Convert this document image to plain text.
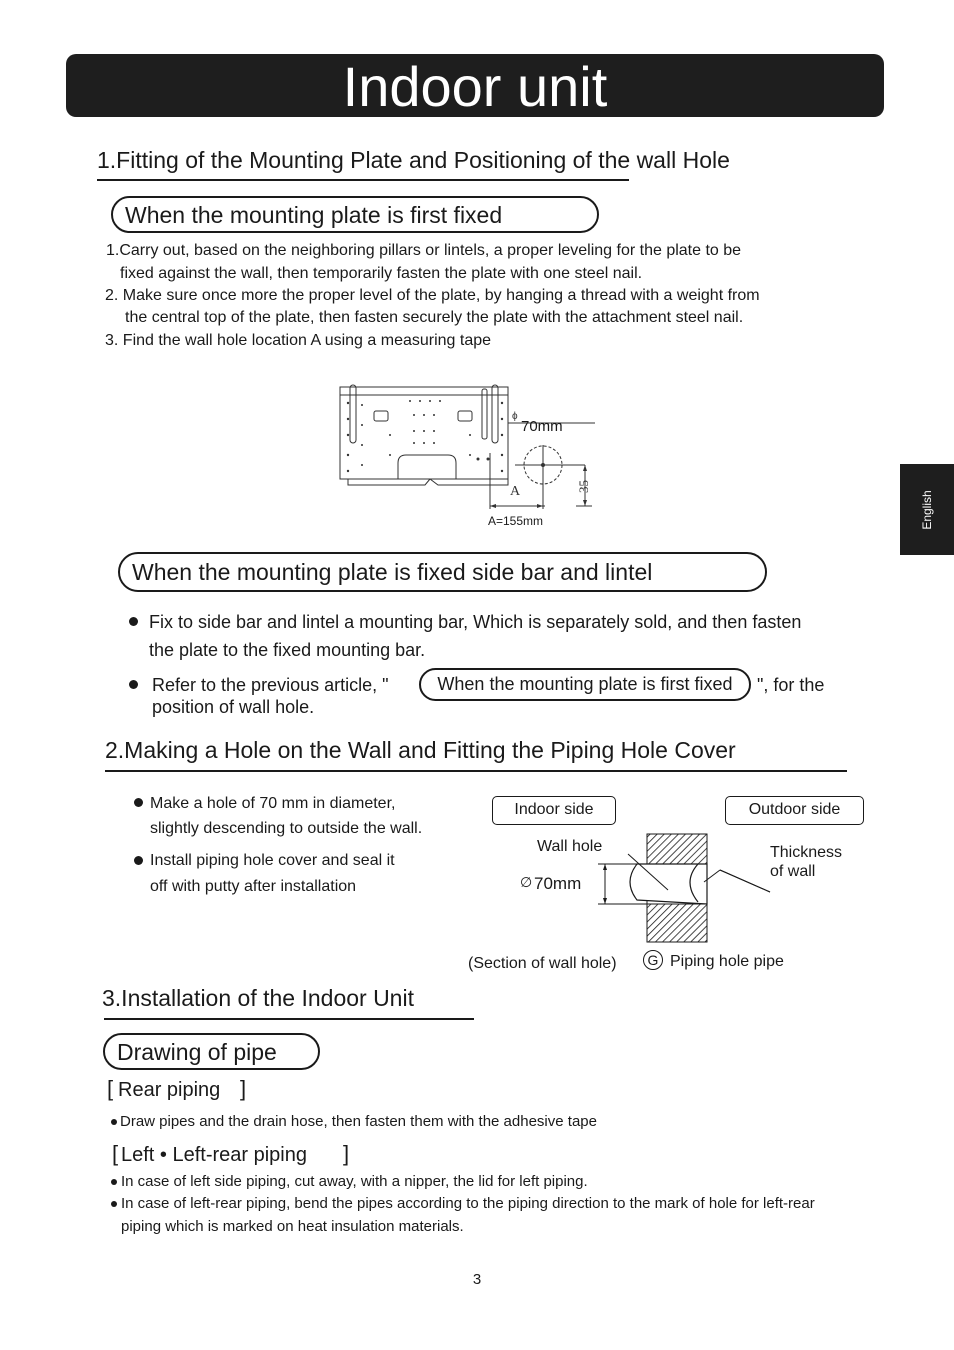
Indoor unit
English
1.Fitting of the Mounting Plate and Positioning of the wall Hole
When the mounting plate is first fixed
1.Carry out, based on the neighboring pillars or lintels, a proper leveling for the plate to be
fixed against the wall, then temporarily fasten the plate with one steel nail.
2. Make sure once more the proper level of the plate, by hanging a thread with a weight from
the central top of the plate, then fasten securely the plate with the attachment steel nail.
3. Find the wall hole location A using a measuring tape
ϕ
70mm
A	35
A=155mm
When the mounting plate is fixed side bar and lintel
Fix to side bar and lintel a mounting bar, Which is separately sold, and then fasten
the plate to the fixed mounting bar.
Refer to the previous article, "	When the mounting plate is first fixed	", for the
position of wall hole.
2.Making a Hole on the Wall and Fitting the Piping Hole Cover
Make a hole of 70 mm in diameter,
slightly descending to outside the wall.
Install piping hole cover and seal it
off with putty after installation
Indoor side	Outdoor side
Wall hole	Thickness
of wall
∅ 70mm
(Section of wall hole)	G Piping hole pipe
3.Installation of the Indoor Unit
Drawing of pipe
[ Rear piping ]
Draw pipes and the drain hose, then fasten them with the adhesive tape
[ Left • Left-rear piping ]
In case of left side piping, cut away, with a nipper, the lid for left piping.
In case of left-rear piping, bend the pipes according to the piping direction to the mark of hole for left-rear
piping which is marked on heat insulation materials.
3
